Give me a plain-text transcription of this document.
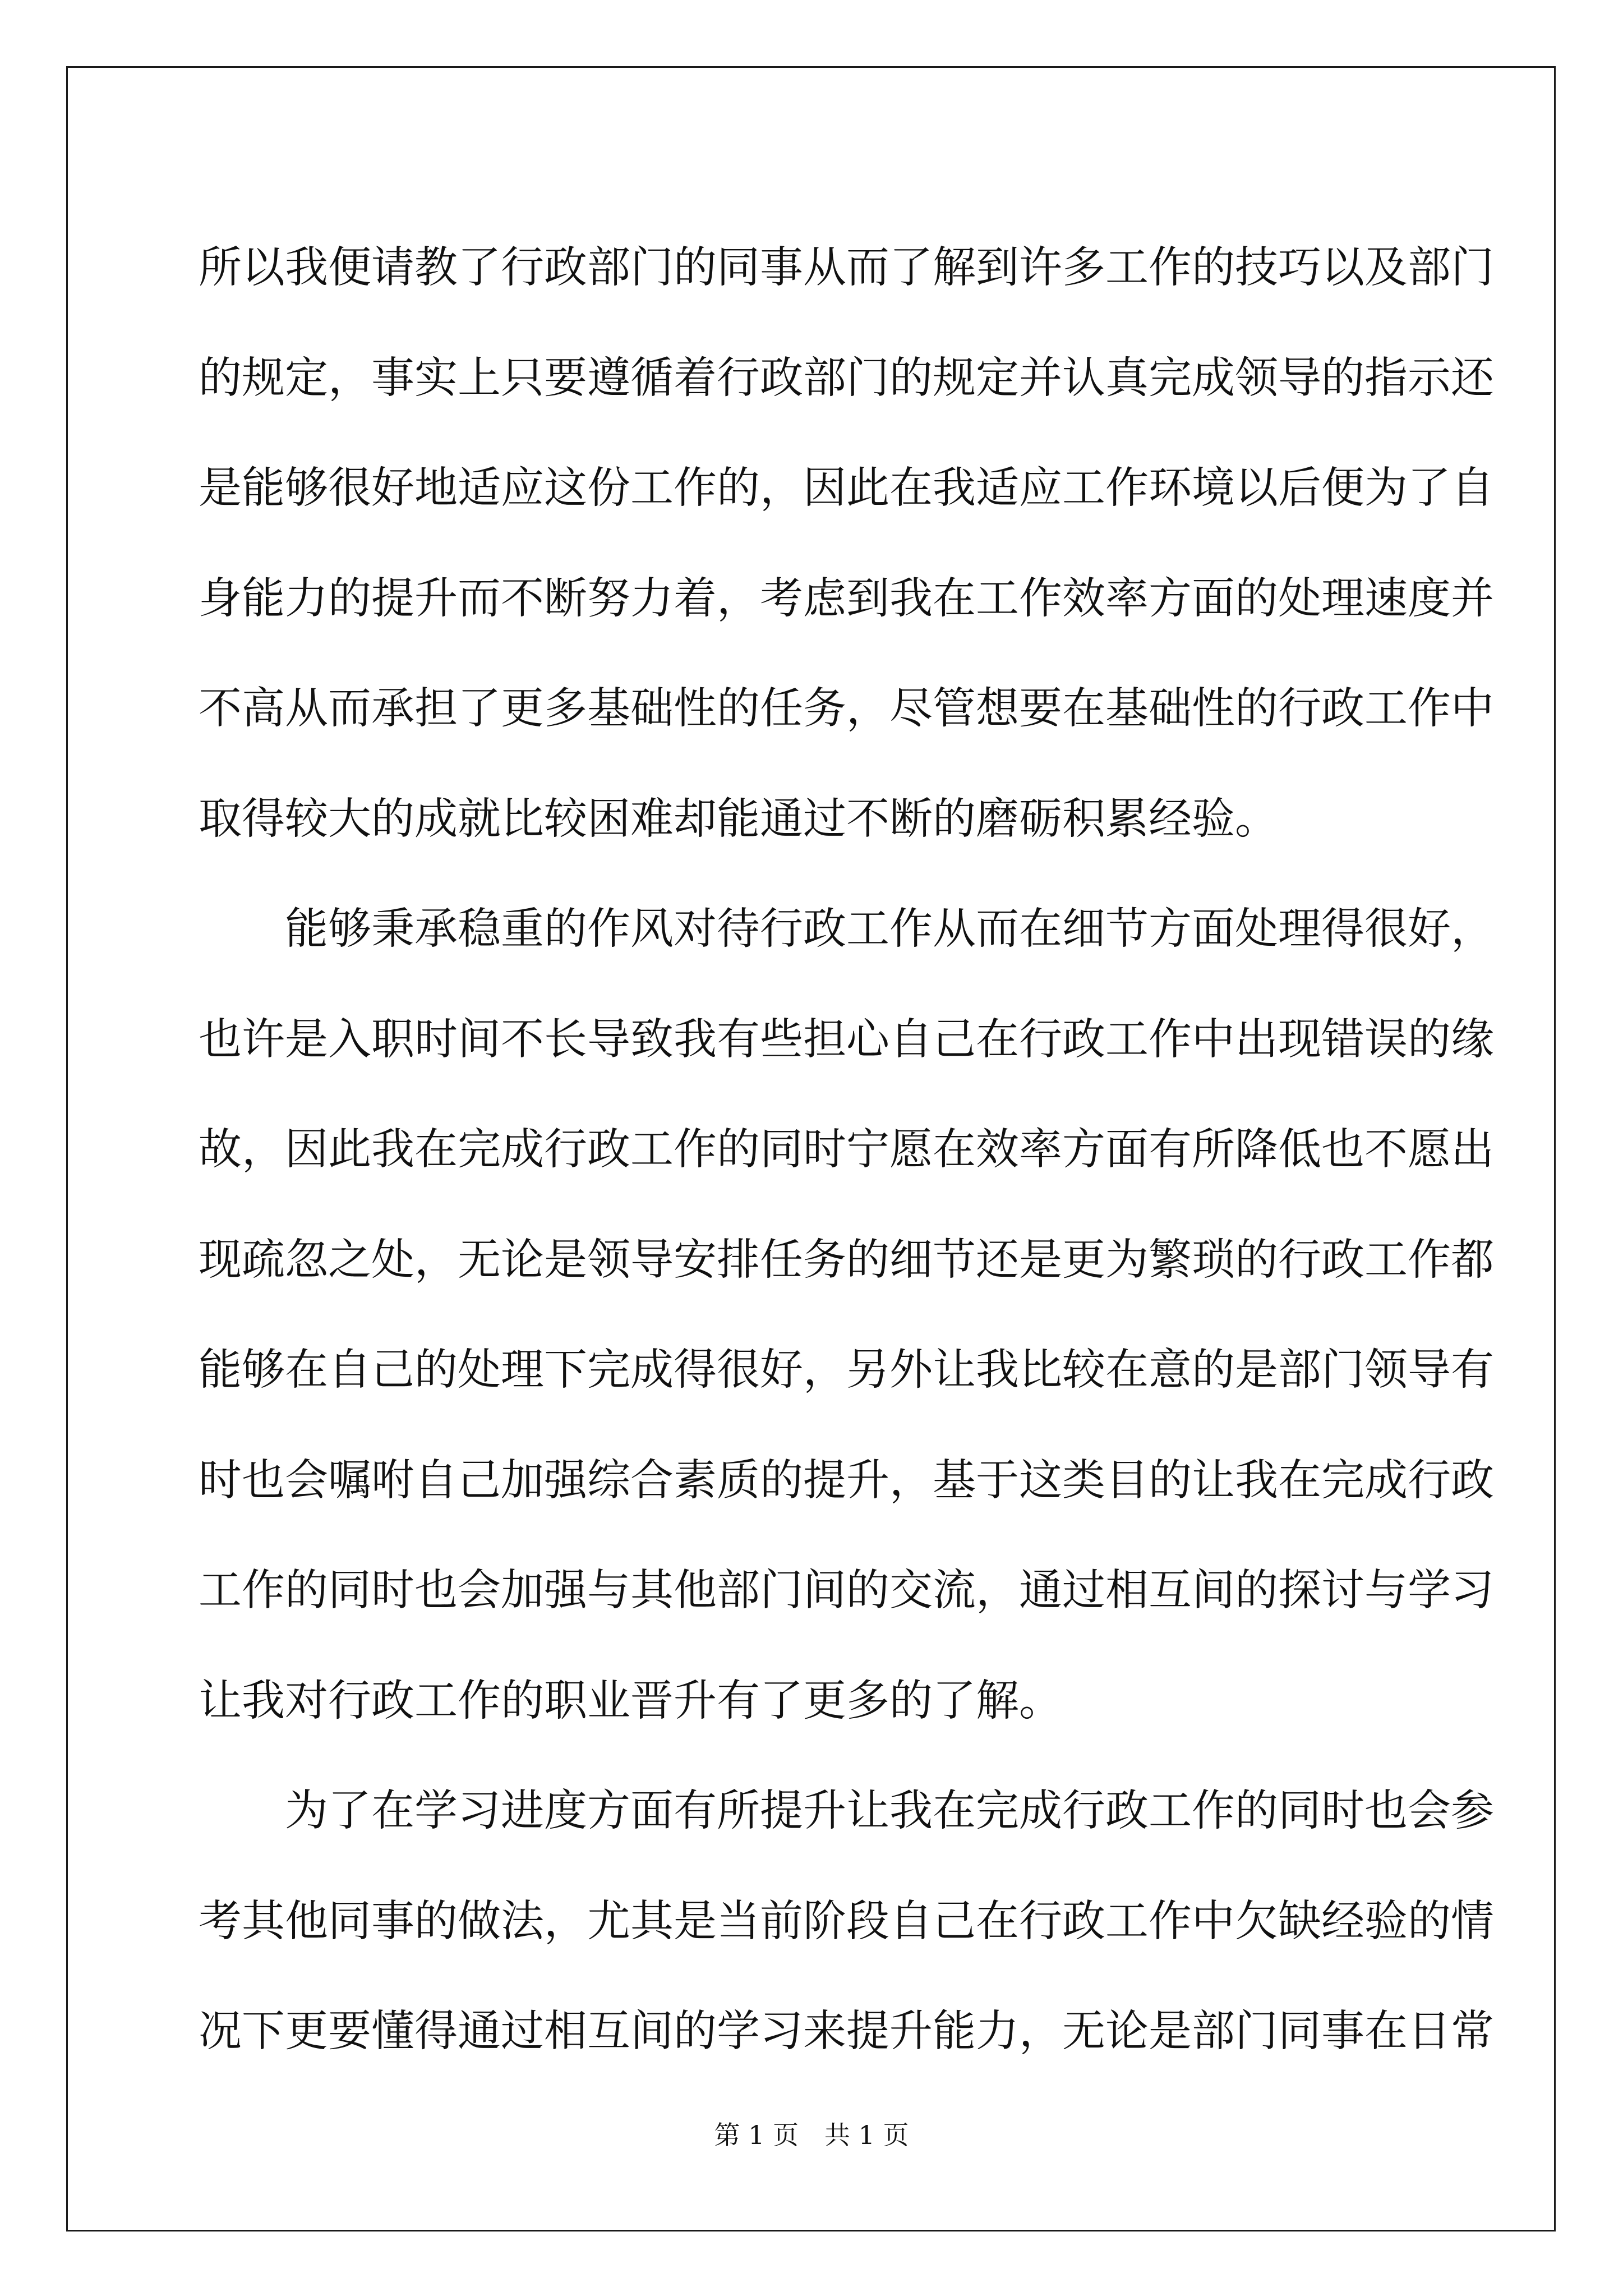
所以我便请教了行政部门的同事从而了解到许多工作的技巧以及部门
的规定，事实上只要遵循着行政部门的规定并认真完成领导的指示还
是能够很好地适应这份工作的，因此在我适应工作环境以后便为了自
身能力的提升而不断努力着，考虑到我在工作效率方面的处理速度并
不高从而承担了更多基础性的任务，尽管想要在基础性的行政工作中
取得较大的成就比较困难却能通过不断的磨砺积累经验。
能够秉承稳重的作风对待行政工作从而在细节方面处理得很好，
也许是入职时间不长导致我有些担心自己在行政工作中出现错误的缘
故，因此我在完成行政工作的同时宁愿在效率方面有所降低也不愿出
现疏忽之处，无论是领导安排任务的细节还是更为繁琐的行政工作都
能够在自己的处理下完成得很好，另外让我比较在意的是部门领导有
时也会嘱咐自己加强综合素质的提升，基于这类目的让我在完成行政
工作的同时也会加强与其他部门间的交流，通过相互间的探讨与学习
让我对行政工作的职业晋升有了更多的了解。
为了在学习进度方面有所提升让我在完成行政工作的同时也会参
考其他同事的做法，尤其是当前阶段自己在行政工作中欠缺经验的情
况下更要懂得通过相互间的学习来提升能力，无论是部门同事在日常
第 1 页 共 1 页
